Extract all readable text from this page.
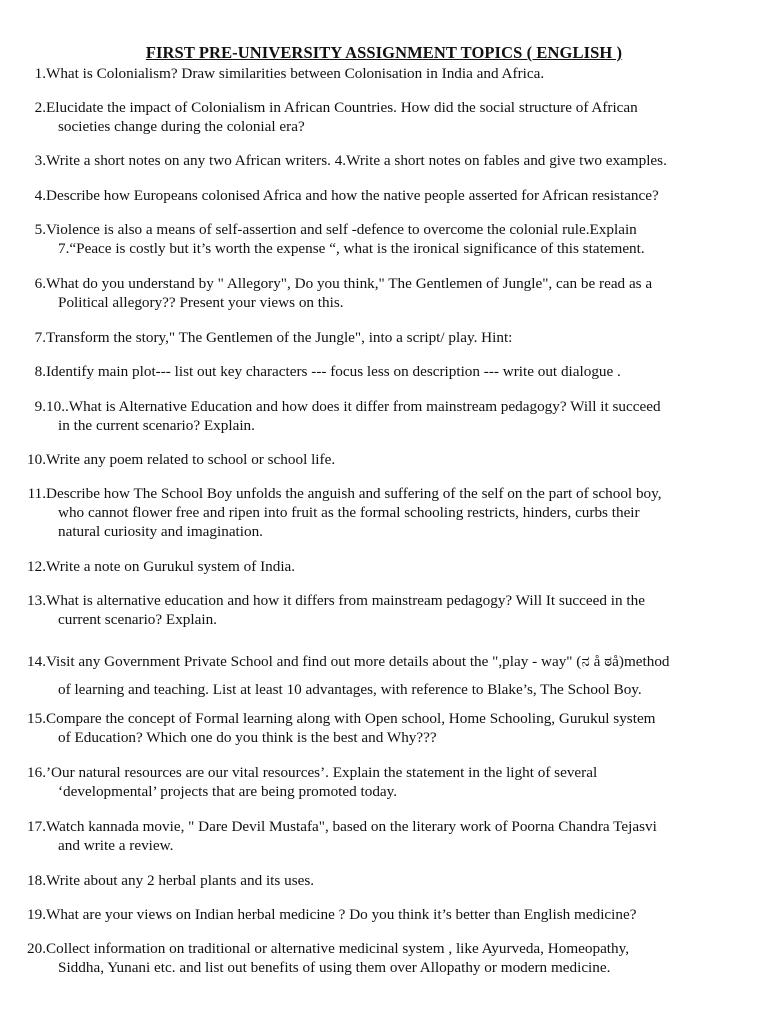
FIRST PRE-UNIVERSITY ASSIGNMENT TOPICS ( ENGLISH )
1.What is Colonialism? Draw similarities between Colonisation in India and Africa.
2.Elucidate the impact of Colonialism in African Countries. How did the social structure of African
societies change during the colonial era?
3.Write a short notes on any two African writers. 4.Write a short notes on fables and give two examples.
4.Describe how Europeans colonised Africa and how the native people asserted for African resistance?
5.Violence is also a means of self-assertion and self -defence to overcome the colonial rule.Explain
7.“Peace is costly but it’s worth the expense “, what is the ironical significance of this statement.
6.What do you understand by " Allegory", Do you think," The Gentlemen of Jungle", can be read as a
Political allegory?? Present your views on this.
7.Transform the story," The Gentlemen of the Jungle", into a script/ play. Hint:
8.Identify main plot--- list out key characters --- focus less on description --- write out dialogue .
9.10..What is Alternative Education and how does it differ from mainstream pedagogy? Will it succeed
in the current scenario? Explain.
10.Write any poem related to school or school life.
11.Describe how The School Boy unfolds the anguish and suffering of the self on the part of school boy,
who cannot flower free and ripen into fruit as the formal schooling restricts, hinders, curbs their
natural curiosity and imagination.
12.Write a note on Gurukul system of India.
13.What is alternative education and how it differs from mainstream pedagogy? Will It succeed in the
current scenario? Explain.
14.Visit any Government Private School and find out more details about the ",play - way" (ನ å ಠå)method
of learning and teaching. List at least 10 advantages, with reference to Blake’s, The School Boy.
15.Compare the concept of Formal learning along with Open school, Home Schooling, Gurukul system
of Education? Which one do you think is the best and Why???
16.’Our natural resources are our vital resources’. Explain the statement in the light of several
‘developmental’ projects that are being promoted today.
17.Watch kannada movie, " Dare Devil Mustafa", based on the literary work of Poorna Chandra Tejasvi
and write a review.
18.Write about any 2 herbal plants and its uses.
19.What are your views on Indian herbal medicine ? Do you think it’s better than English medicine?
20.Collect information on traditional or alternative medicinal system , like Ayurveda, Homeopathy,
Siddha, Yunani etc. and list out benefits of using them over Allopathy or modern medicine.
